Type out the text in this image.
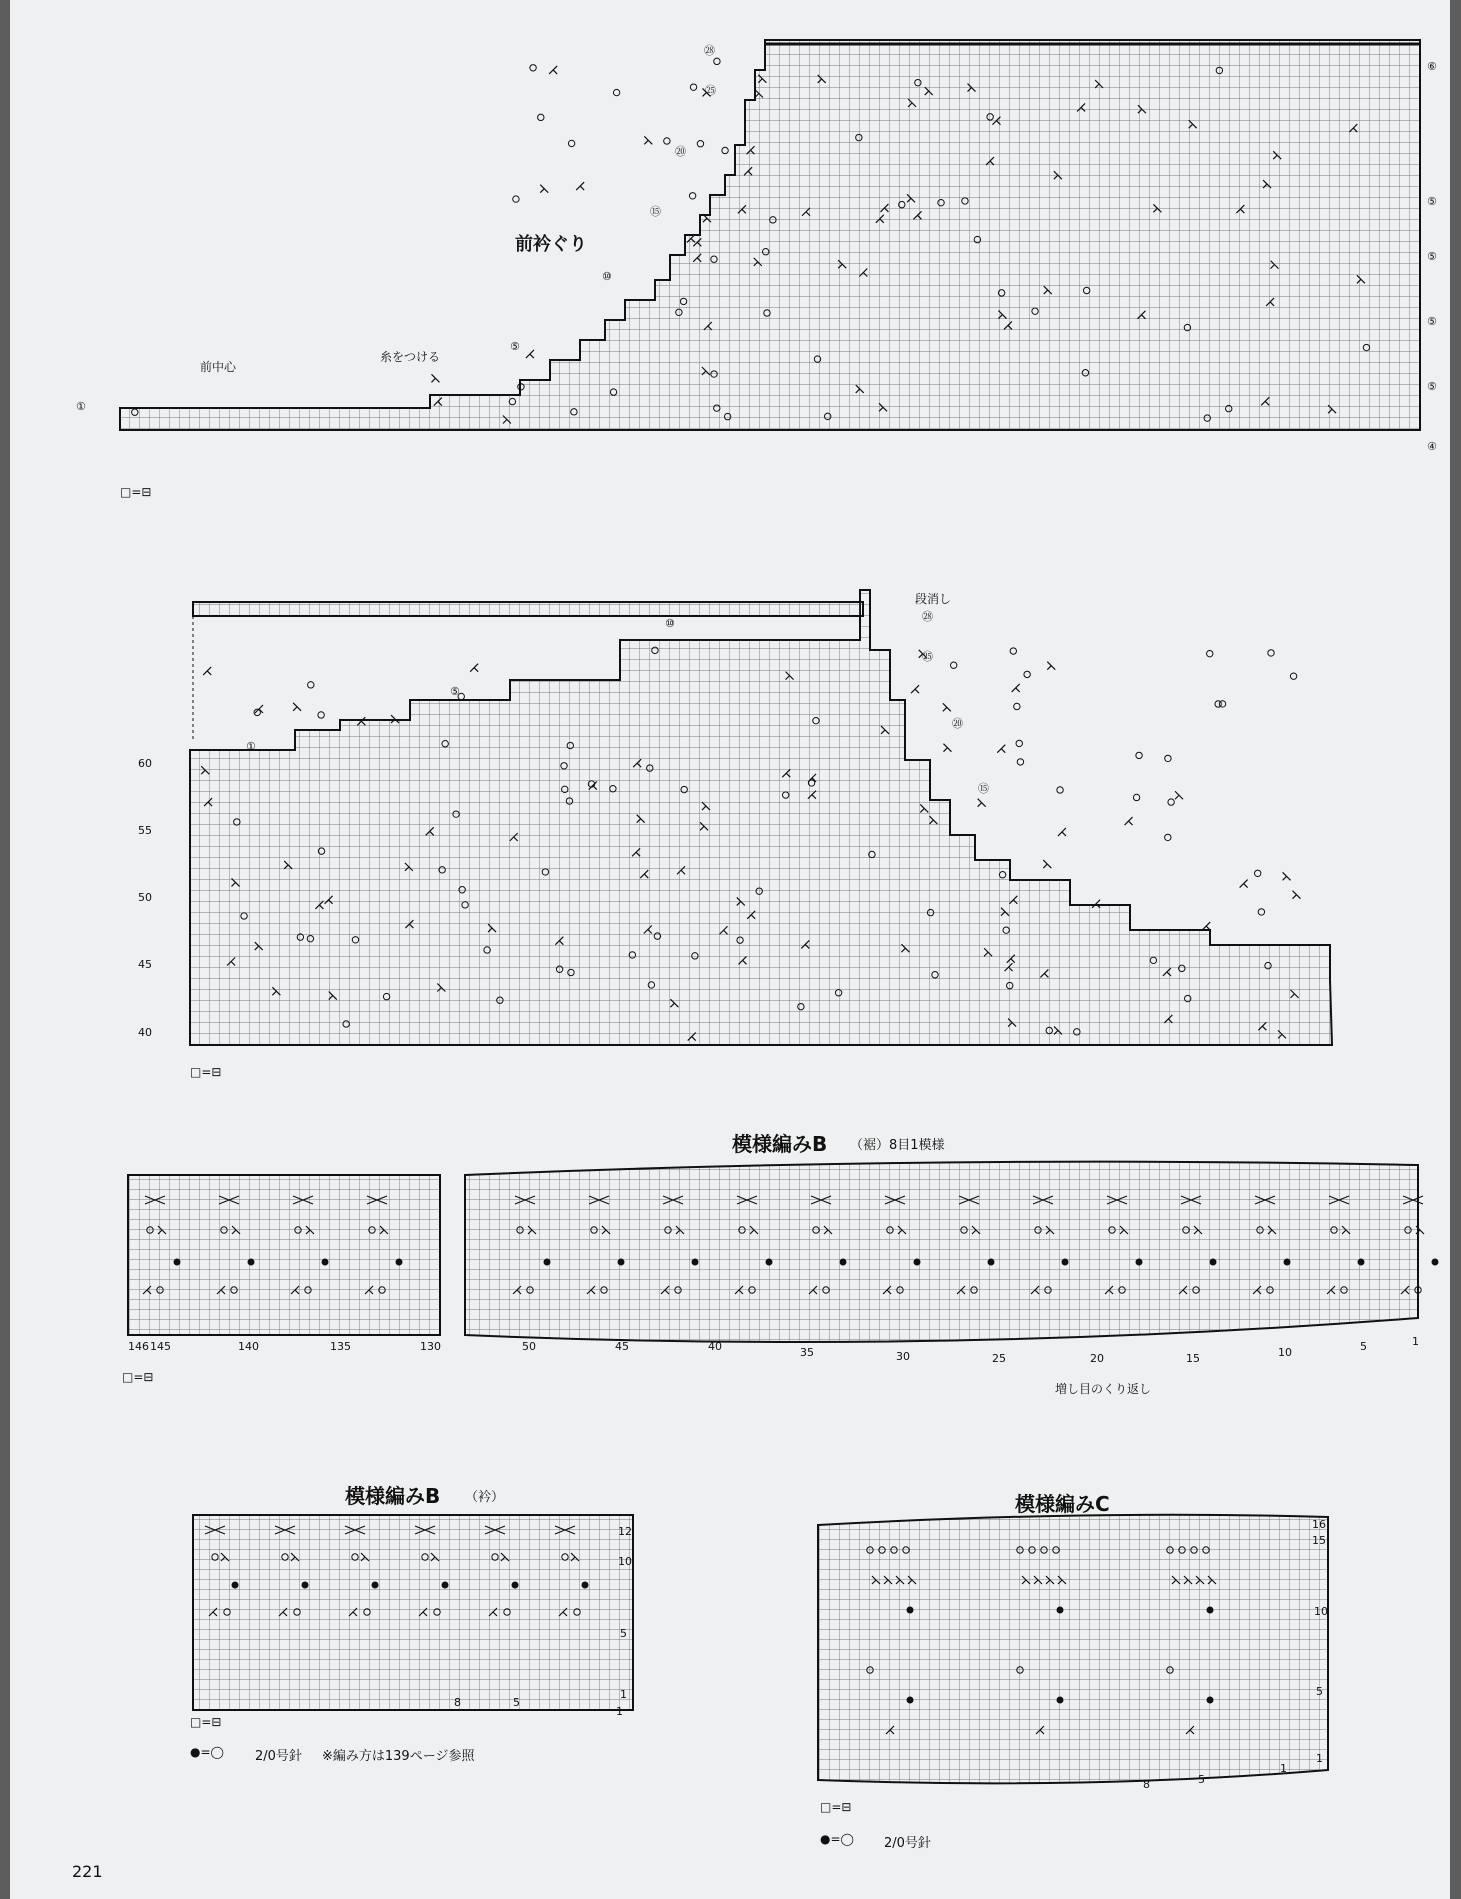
前衿ぐり
前中心
糸をつける
①
⑤
⑩
⑮
⑳
㉕
㉘
⑥
⑤
⑤
⑤
⑤
④
□=⊟
段消し
①
⑤
⑩
⑮
⑳
㉕
㉘
60
55
50
45
40
□=⊟
模様編みB （裾）8目1模様
146 145	140	135	130	50	45	40	35	30	25	20	15	10	5	1
増し目のくり返し
□=⊟
模様編みB （衿）
12
10
5
1
8	5
1
□=⊟
●=◯ 2/0号針 ※編み方は139ページ参照
模様編みC
16
15
10
5
1
8	5
1
□=⊟
●=◯ 2/0号針
221
